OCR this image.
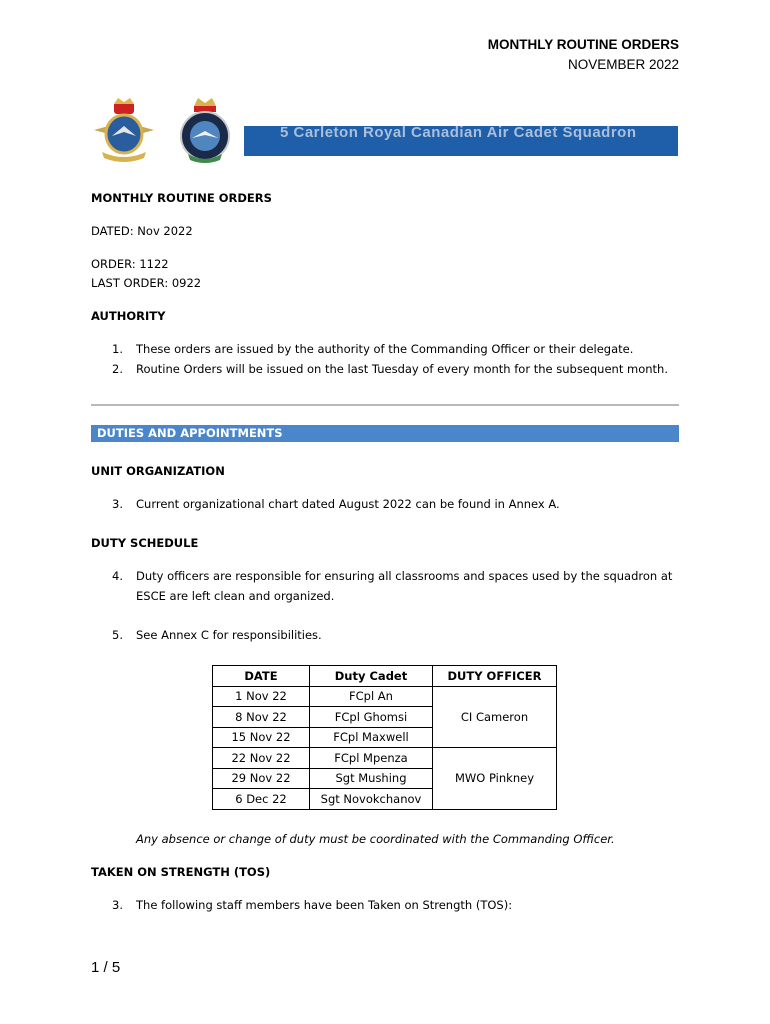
MONTHLY ROUTINE ORDERS
NOVEMBER 2022
5 Carleton Royal Canadian Air Cadet Squadron
MONTHLY ROUTINE ORDERS
DATED: Nov 2022
ORDER: 1122
LAST ORDER: 0922
AUTHORITY
1. These orders are issued by the authority of the Commanding Officer or their delegate.
2. Routine Orders will be issued on the last Tuesday of every month for the subsequent month.
DUTIES AND APPOINTMENTS
UNIT ORGANIZATION
3. Current organizational chart dated August 2022 can be found in Annex A.
DUTY SCHEDULE
4. Duty officers are responsible for ensuring all classrooms and spaces used by the squadron at
ESCE are left clean and organized.
5. See Annex C for responsibilities.
DATE	Duty Cadet	DUTY OFFICER
1 Nov 22	FCpl An	CI Cameron
8 Nov 22	FCpl Ghomsi	
15 Nov 22	FCpl Maxwell	
22 Nov 22	FCpl Mpenza	MWO Pinkney
29 Nov 22	Sgt Mushing	
6 Dec 22	Sgt Novokchanov	
Any absence or change of duty must be coordinated with the Commanding Officer.
TAKEN ON STRENGTH (TOS)
3. The following staff members have been Taken on Strength (TOS):
1 / 5
